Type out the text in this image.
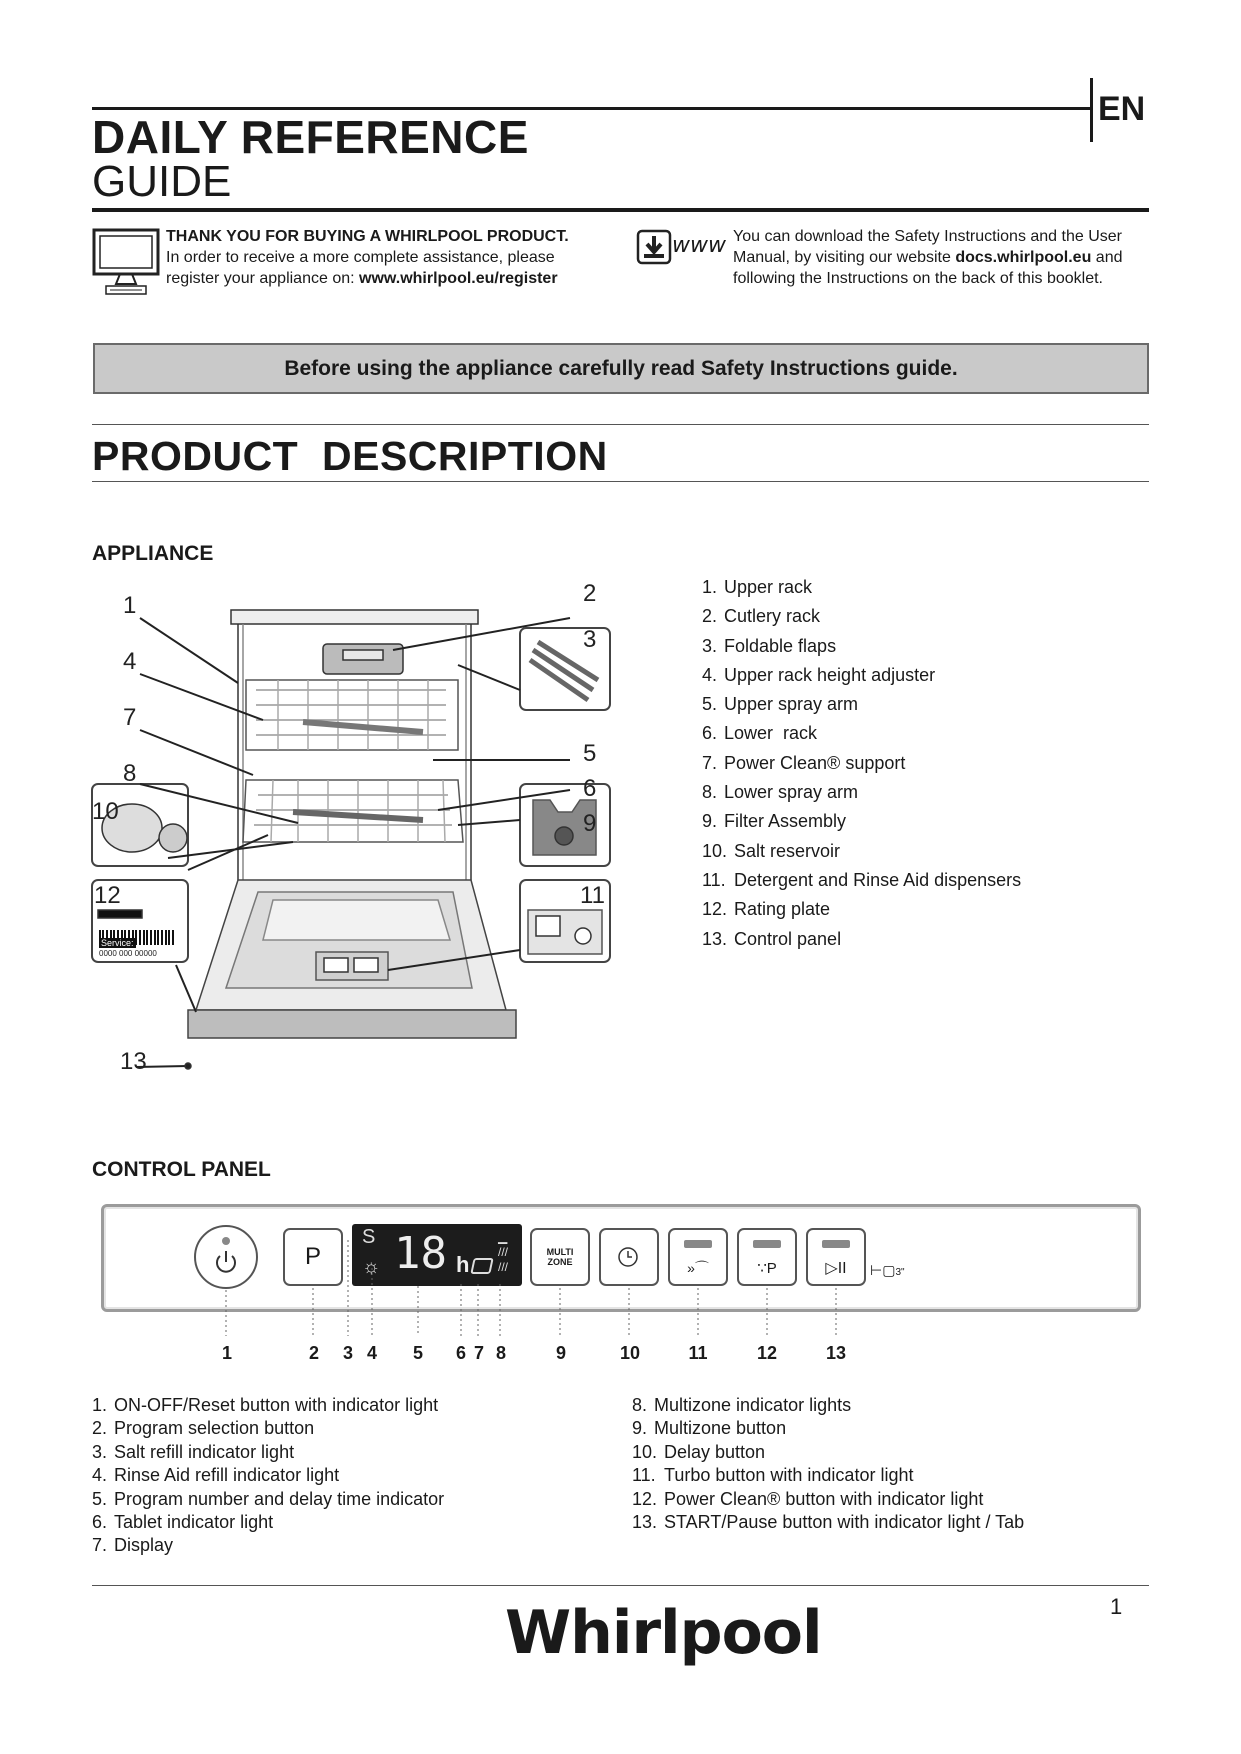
EN
DAILY REFERENCE
GUIDE
THANK YOU FOR BUYING A WHIRLPOOL PRODUCT.
In order to receive a more complete assistance, please
register your appliance on: www.whirlpool.eu/register
www You can download the Safety Instructions and the User
Manual, by visiting our website docs.whirlpool.eu and
following the Instructions on the back of this booklet.
Before using the appliance carefully read Safety Instructions guide.
PRODUCT  DESCRIPTION
APPLIANCE
1	2
3
4
5
6
7
8
9
10
11
12
13
Service:
0000 000 00000
1. Upper rack
2. Cutlery rack
3. Foldable flaps
4. Upper rack height adjuster
5. Upper spray arm
6. Lower  rack
7. Power Clean® support
8. Lower spray arm
9. Filter Assembly
10. Salt reservoir
11. Detergent and Rinse Aid dispensers
12. Rating plate
13. Control panel
CONTROL PANEL
P
S
☼ 18 h
▁
///
///
MULTI
ZONE	»⌒	∵P	▷II ⊢▢3"
1	2 3 4 5 6 7 8	9	10	11	12	13
1. ON-OFF/Reset button with indicator light
2. Program selection button
3. Salt refill indicator light
4. Rinse Aid refill indicator light
5. Program number and delay time indicator
6. Tablet indicator light
7. Display
8. Multizone indicator lights
9. Multizone button
10. Delay button
11. Turbo button with indicator light
12. Power Clean® button with indicator light
13. START/Pause button with indicator light / Tab
Whirlpool	1
